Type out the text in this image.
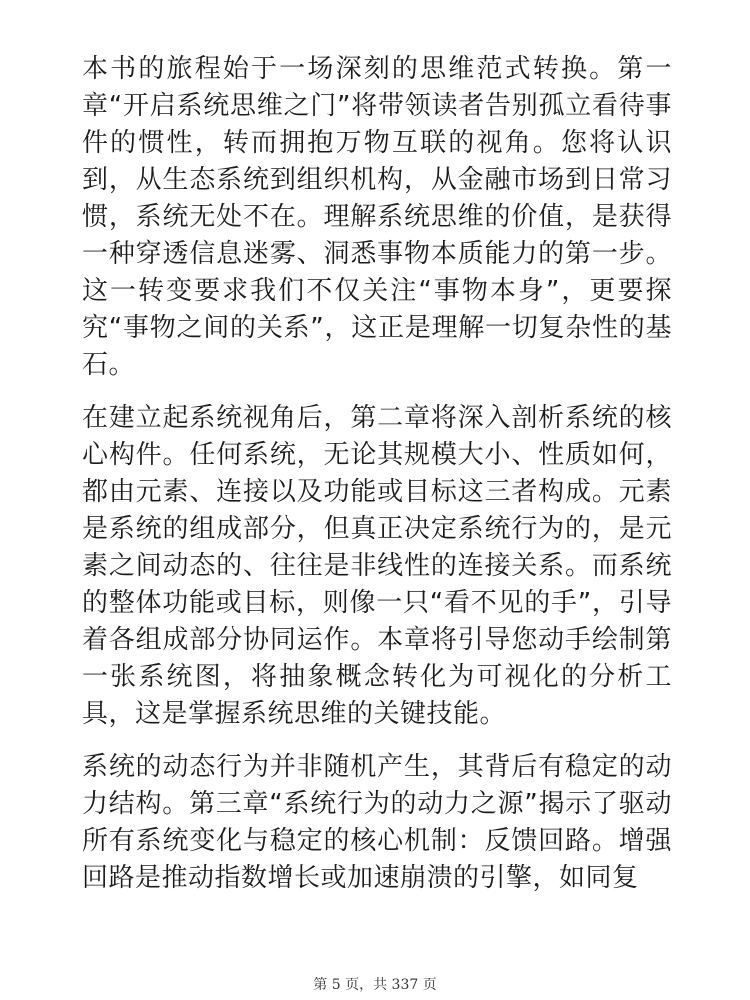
本书的旅程始于一场深刻的思维范式转换。第一章“开启系统思维之门”将带领读者告别孤立看待事件的惯性，转而拥抱万物互联的视角。您将认识到，从生态系统到组织机构，从金融市场到日常习惯，系统无处不在。理解系统思维的价值，是获得一种穿透信息迷雾、洞悉事物本质能力的第一步。这一转变要求我们不仅关注“事物本身”，更要探究“事物之间的关系”，这正是理解一切复杂性的基石。

在建立起系统视角后，第二章将深入剖析系统的核心构件。任何系统，无论其规模大小、性质如何，都由元素、连接以及功能或目标这三者构成。元素是系统的组成部分，但真正决定系统行为的，是元素之间动态的、往往是非线性的连接关系。而系统的整体功能或目标，则像一只“看不见的手”，引导着各组成部分协同运作。本章将引导您动手绘制第一张系统图，将抽象概念转化为可视化的分析工具，这是掌握系统思维的关键技能。

系统的动态行为并非随机产生，其背后有稳定的动力结构。第三章“系统行为的动力之源”揭示了驱动所有系统变化与稳定的核心机制：反馈回路。增强回路是推动指数增长或加速崩溃的引擎，如同复

第 5 页，共 337 页
